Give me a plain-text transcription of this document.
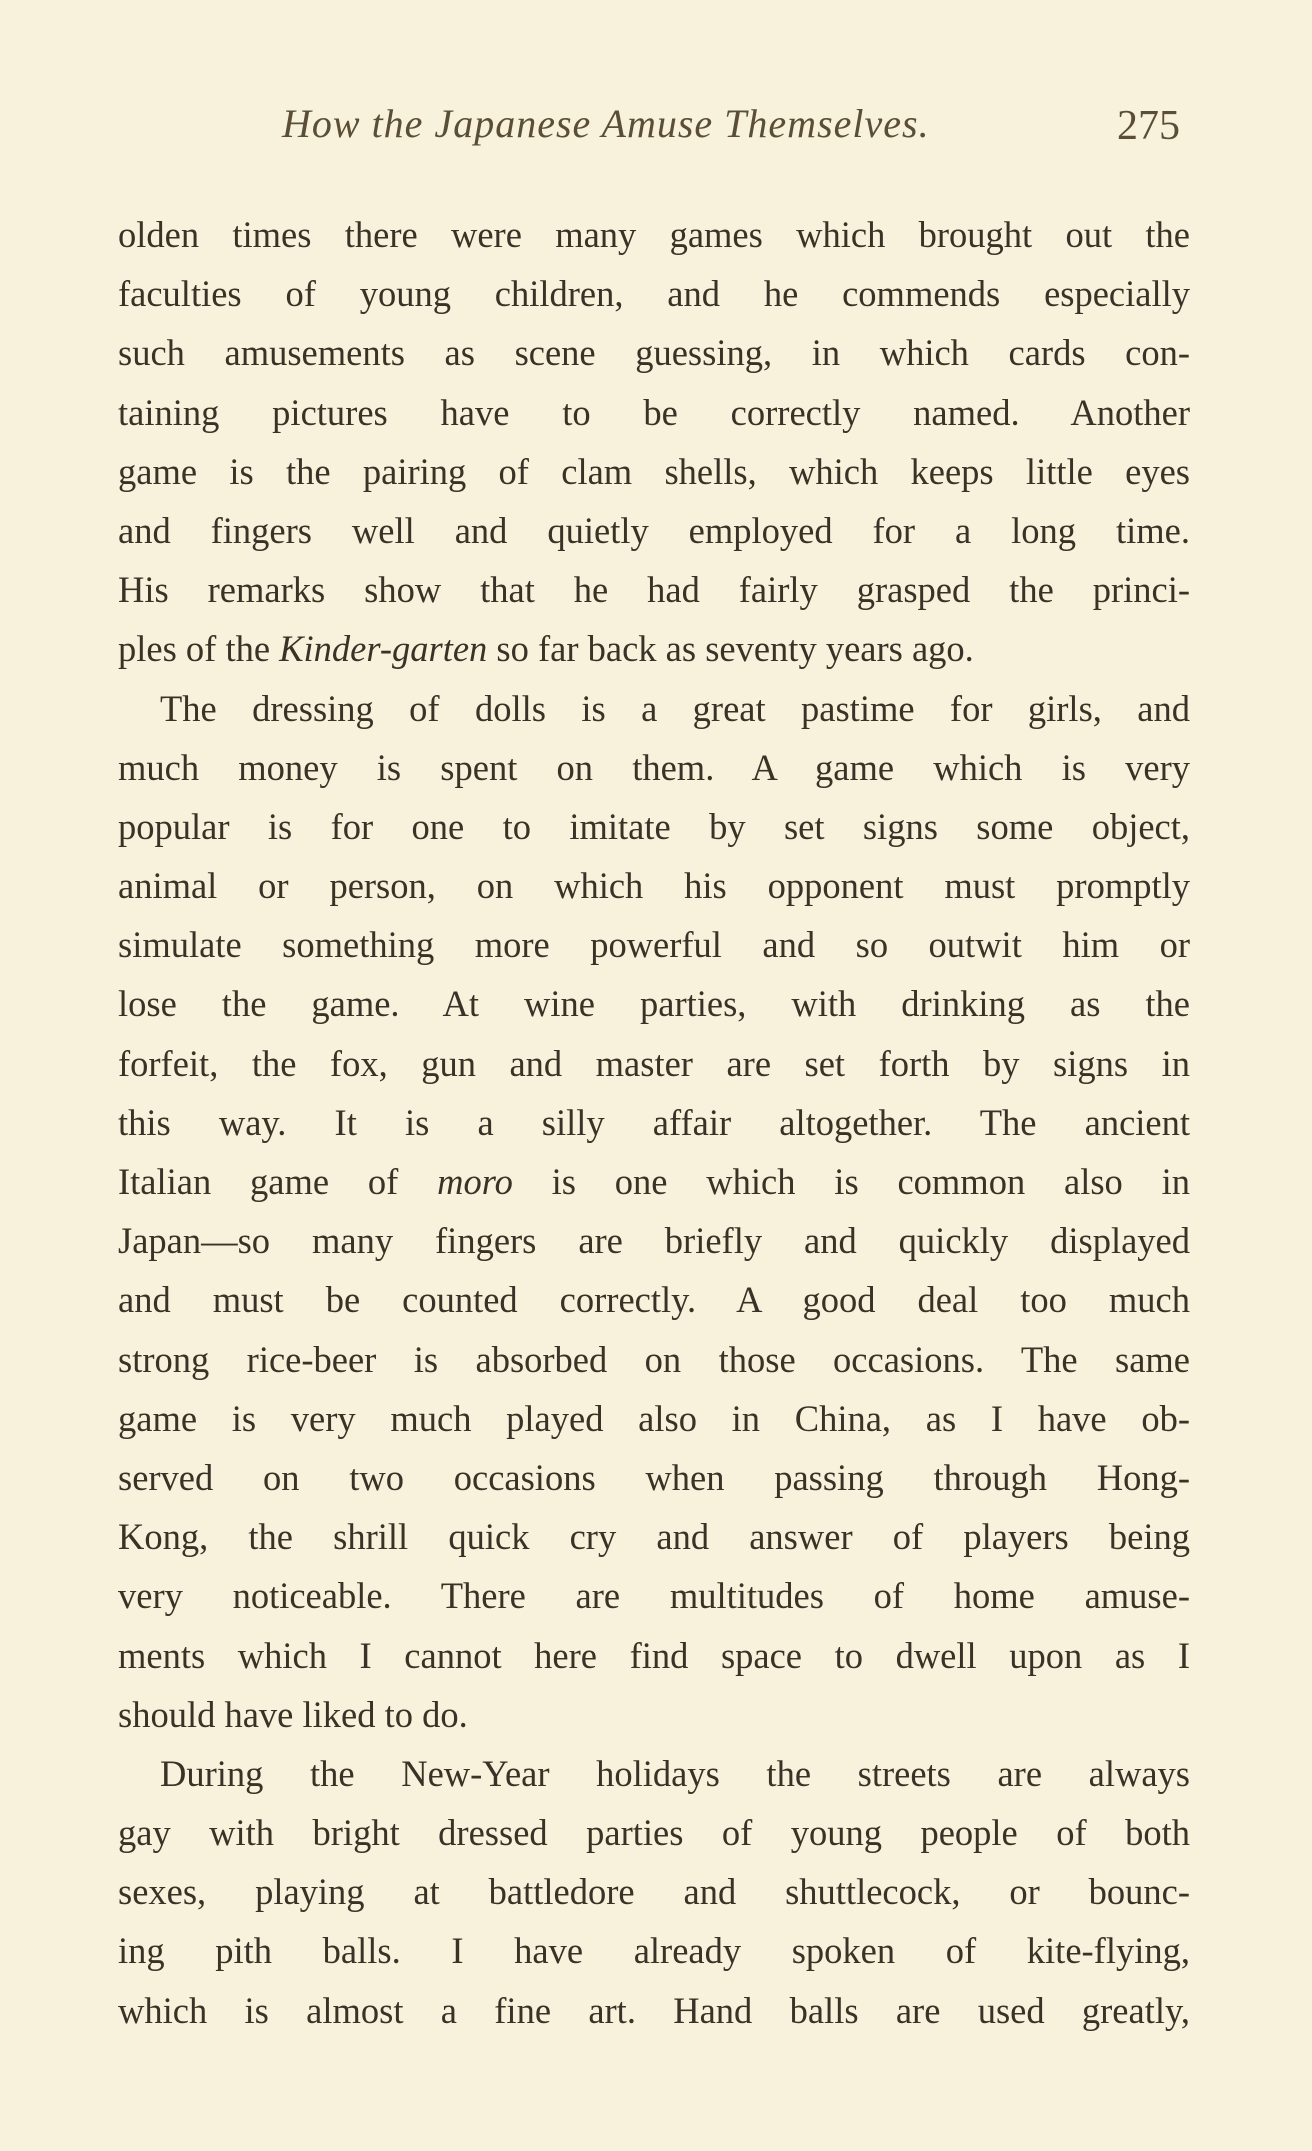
How the Japanese Amuse Themselves.	275
olden times there were many games which brought out the
faculties of young children, and he commends especially
such amusements as scene guessing, in which cards con-
taining pictures have to be correctly named. Another
game is the pairing of clam shells, which keeps little eyes
and fingers well and quietly employed for a long time.
His remarks show that he had fairly grasped the princi-
ples of the Kinder-garten so far back as seventy years ago.
The dressing of dolls is a great pastime for girls, and
much money is spent on them. A game which is very
popular is for one to imitate by set signs some object,
animal or person, on which his opponent must promptly
simulate something more powerful and so outwit him or
lose the game. At wine parties, with drinking as the
forfeit, the fox, gun and master are set forth by signs in
this way. It is a silly affair altogether. The ancient
Italian game of moro is one which is common also in
Japan—so many fingers are briefly and quickly displayed
and must be counted correctly. A good deal too much
strong rice-beer is absorbed on those occasions. The same
game is very much played also in China, as I have ob-
served on two occasions when passing through Hong-
Kong, the shrill quick cry and answer of players being
very noticeable. There are multitudes of home amuse-
ments which I cannot here find space to dwell upon as I
should have liked to do.
During the New-Year holidays the streets are always
gay with bright dressed parties of young people of both
sexes, playing at battledore and shuttlecock, or bounc-
ing pith balls. I have already spoken of kite-flying,
which is almost a fine art. Hand balls are used greatly,
